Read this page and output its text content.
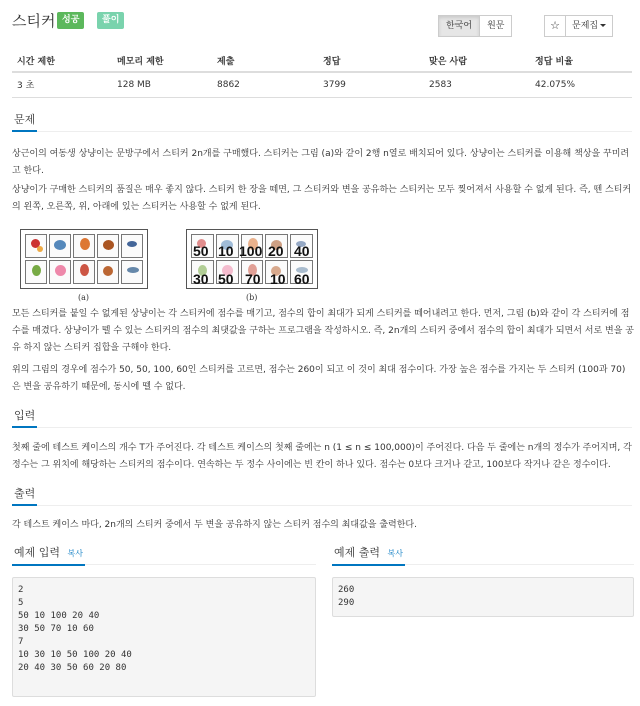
스티커 성공	풀이
한국어	원문	☆	문제집
시간 제한	메모리 제한	제출	정답	맞은 사람	정답 비율
3 초	128 MB	8862	3799	2583	42.075%
문제
상근이의 여동생 상냥이는 문방구에서 스티커 2n개를 구매했다. 스티커는 그림 (a)와 같이 2행 n열로 배치되어 있다. 상냥이는 스티커를 이용해 책상을 꾸미려고 한다.
상냥이가 구매한 스티커의 품질은 매우 좋지 않다. 스티커 한 장을 떼면, 그 스티커와 변을 공유하는 스티커는 모두 찢어져서 사용할 수 없게 된다. 즉, 뗀 스티커의 왼쪽, 오른쪽, 위, 아래에 있는 스티커는 사용할 수 없게 된다.
(a)
50 10 100 20 40
30 50 70 10 60
(b)
모든 스티커를 붙일 수 없게된 상냥이는 각 스티커에 점수를 매기고, 점수의 합이 최대가 되게 스티커를 떼어내려고 한다. 먼저, 그림 (b)와 같이 각 스티커에 점수를 매겼다. 상냥이가 뗄 수 있는 스티커의 점수의 최댓값을 구하는 프로그램을 작성하시오. 즉, 2n개의 스티커 중에서 점수의 합이 최대가 되면서 서로 변을 공유 하지 않는 스티커 집합을 구해야 한다.
위의 그림의 경우에 점수가 50, 50, 100, 60인 스티커를 고르면, 점수는 260이 되고 이 것이 최대 점수이다. 가장 높은 점수를 가지는 두 스티커 (100과 70)은 변을 공유하기 때문에, 동시에 뗄 수 없다.
입력
첫째 줄에 테스트 케이스의 개수 T가 주어진다. 각 테스트 케이스의 첫째 줄에는 n (1 ≤ n ≤ 100,000)이 주어진다. 다음 두 줄에는 n개의 정수가 주어지며, 각 정수는 그 위치에 해당하는 스티커의 점수이다. 연속하는 두 정수 사이에는 빈 칸이 하나 있다. 점수는 0보다 크거나 같고, 100보다 작거나 같은 정수이다.
출력
각 테스트 케이스 마다, 2n개의 스티커 중에서 두 변을 공유하지 않는 스티커 점수의 최대값을 출력한다.
예제 입력 복사
2
5
50 10 100 20 40
30 50 70 10 60
7
10 30 10 50 100 20 40
20 40 30 50 60 20 80
예제 출력 복사
260
290
